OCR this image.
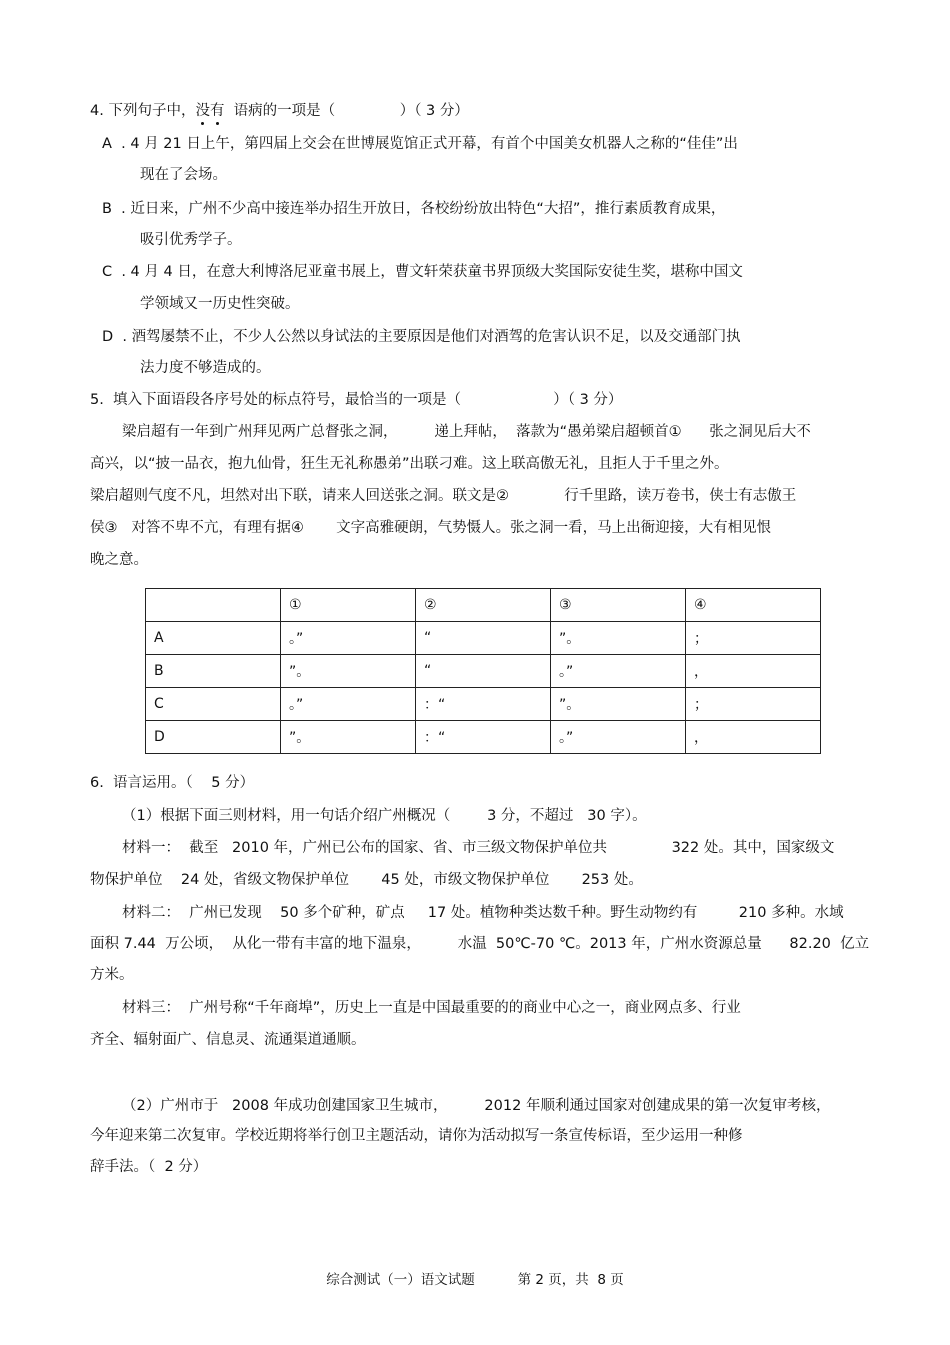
4. 下列句子中，没有  语病的一项是（              ）（ 3 分）
A  . 4 月 21 日上午，第四届上交会在世博展览馆正式开幕，有首个中国美女机器人之称的“佳佳”出
现在了会场。
B  . 近日来，广州不少高中接连举办招生开放日，各校纷纷放出特色“大招”，推行素质教育成果，
吸引优秀学子。
C  . 4 月 4 日，在意大利博洛尼亚童书展上，曹文轩荣获童书界顶级大奖国际安徒生奖，堪称中国文
学领域又一历史性突破。
D  . 酒驾屡禁不止，不少人公然以身试法的主要原因是他们对酒驾的危害认识不足，以及交通部门执
法力度不够造成的。
5.  填入下面语段各序号处的标点符号，最恰当的一项是（                    ）（ 3 分）
梁启超有一年到广州拜见两广总督张之洞，        递上拜帖，  落款为“愚弟梁启超顿首①      张之洞见后大不
高兴，以“披一品衣，抱九仙骨，狂生无礼称愚弟”出联刁难。这上联高傲无礼，且拒人于千里之外。
梁启超则气度不凡，坦然对出下联，请来人回送张之洞。联文是②            行千里路，读万卷书，侠士有志傲王
侯③   对答不卑不亢，有理有据④       文字高雅硬朗，气势慑人。张之洞一看，马上出衙迎接，大有相见恨
晚之意。
	①	②	③	④
A	。”	“	”。	；
B	”。	“	。”	，
C	。”	：“	”。	；
D	”。	：“	。”	，
6.  语言运用。（    5 分）
（1）根据下面三则材料，用一句话介绍广州概况（        3 分，不超过   30 字）。
材料一：  截至   2010 年，广州已公布的国家、省、市三级文物保护单位共              322 处。其中，国家级文
物保护单位    24 处，省级文物保护单位       45 处，市级文物保护单位       253 处。
材料二：  广州已发现    50 多个矿种，矿点     17 处。植物种类达数千种。野生动物约有         210 多种。水域
面积 7.44  万公顷，  从化一带有丰富的地下温泉，        水温  50℃-70 ℃。2013 年，广州水资源总量      82.20  亿立
方米。
材料三：  广州号称“千年商埠”，历史上一直是中国最重要的的商业中心之一，商业网点多、行业
齐全、辐射面广、信息灵、流通渠道通顺。
（2）广州市于   2008 年成功创建国家卫生城市，        2012 年顺利通过国家对创建成果的第一次复审考核，
今年迎来第二次复审。学校近期将举行创卫主题活动，请你为活动拟写一条宣传标语，至少运用一种修
辞手法。（  2 分）
综合测试（一）语文试题	第 2 页，共  8 页
